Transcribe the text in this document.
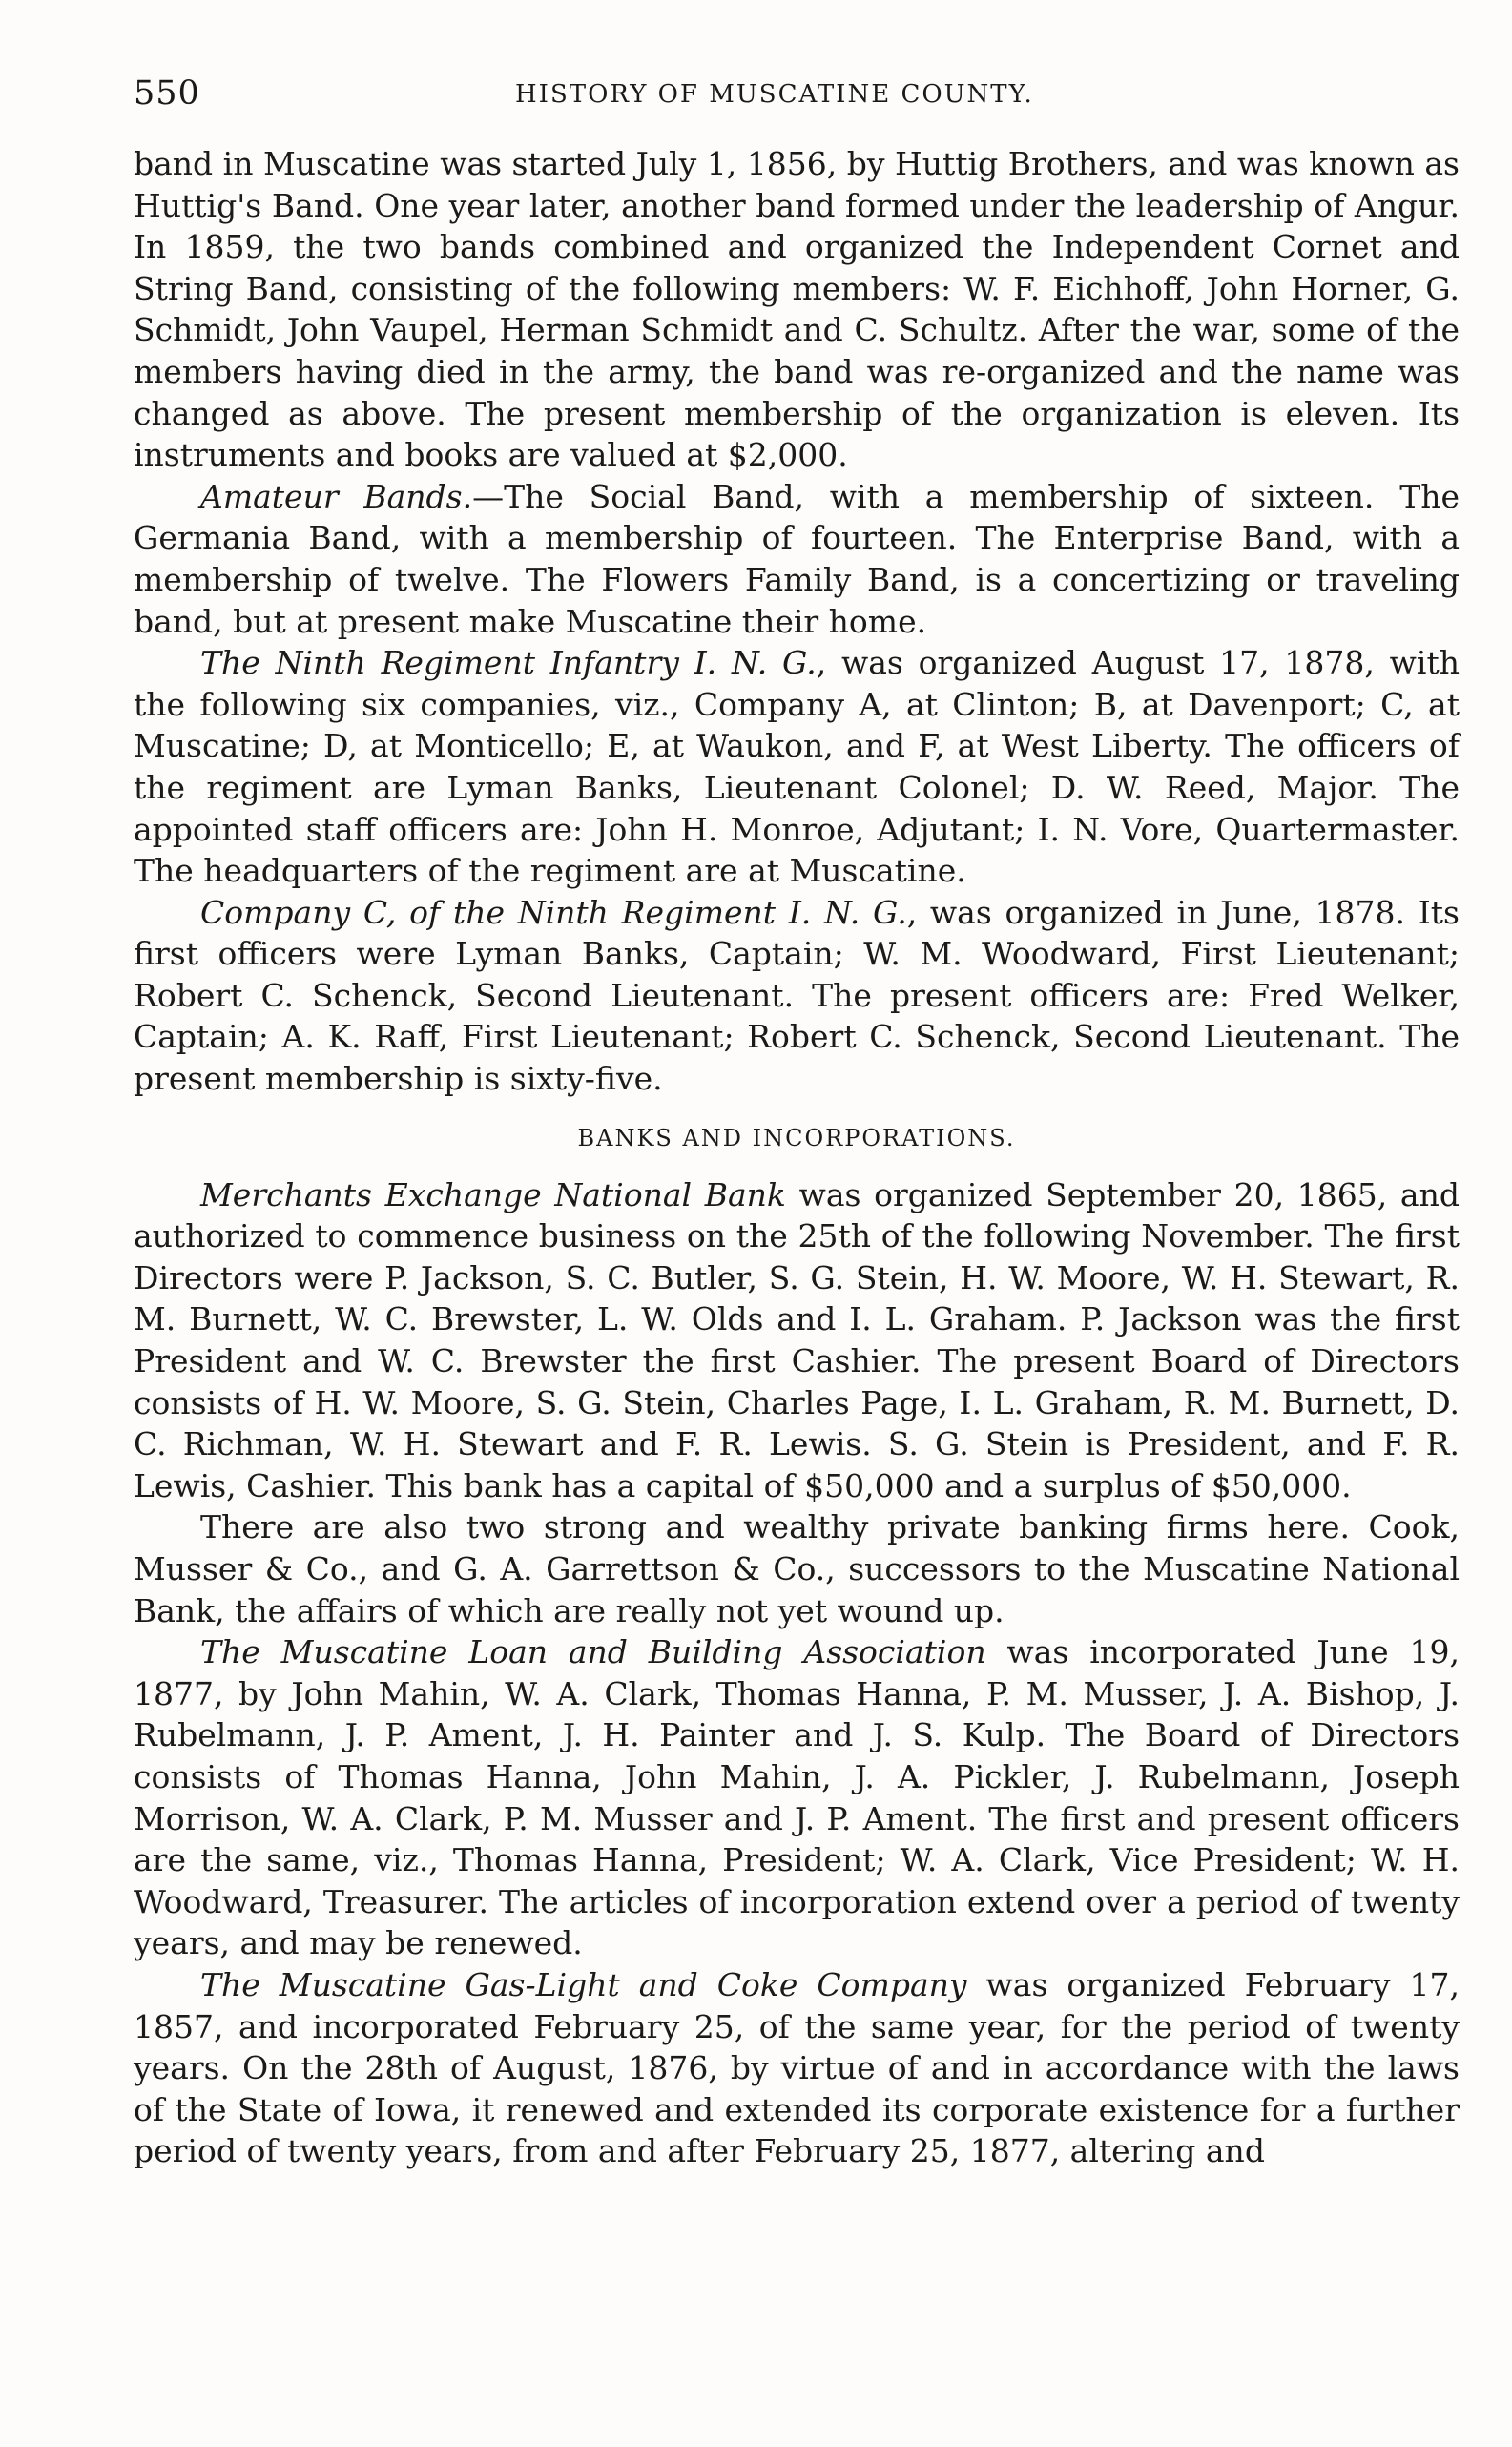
550	HISTORY OF MUSCATINE COUNTY.

band in Muscatine was started July 1, 1856, by Huttig Brothers, and was known as Huttig's Band. One year later, another band formed under the leadership of Angur. In 1859, the two bands combined and organized the Independent Cornet and String Band, consisting of the following members: W. F. Eichhoff, John Horner, G. Schmidt, John Vaupel, Herman Schmidt and C. Schultz. After the war, some of the members having died in the army, the band was re-organized and the name was changed as above. The present membership of the organization is eleven. Its instruments and books are valued at $2,000.

Amateur Bands.—The Social Band, with a membership of sixteen. The Germania Band, with a membership of fourteen. The Enterprise Band, with a membership of twelve. The Flowers Family Band, is a concertizing or traveling band, but at present make Muscatine their home.

The Ninth Regiment Infantry I. N. G., was organized August 17, 1878, with the following six companies, viz., Company A, at Clinton; B, at Davenport; C, at Muscatine; D, at Monticello; E, at Waukon, and F, at West Liberty. The officers of the regiment are Lyman Banks, Lieutenant Colonel; D. W. Reed, Major. The appointed staff officers are: John H. Monroe, Adjutant; I. N. Vore, Quartermaster. The headquarters of the regiment are at Muscatine.

Company C, of the Ninth Regiment I. N. G., was organized in June, 1878. Its first officers were Lyman Banks, Captain; W. M. Woodward, First Lieutenant; Robert C. Schenck, Second Lieutenant. The present officers are: Fred Welker, Captain; A. K. Raff, First Lieutenant; Robert C. Schenck, Second Lieutenant. The present membership is sixty-five.

BANKS AND INCORPORATIONS.

Merchants Exchange National Bank was organized September 20, 1865, and authorized to commence business on the 25th of the following November. The first Directors were P. Jackson, S. C. Butler, S. G. Stein, H. W. Moore, W. H. Stewart, R. M. Burnett, W. C. Brewster, L. W. Olds and I. L. Graham. P. Jackson was the first President and W. C. Brewster the first Cashier. The present Board of Directors consists of H. W. Moore, S. G. Stein, Charles Page, I. L. Graham, R. M. Burnett, D. C. Richman, W. H. Stewart and F. R. Lewis. S. G. Stein is President, and F. R. Lewis, Cashier. This bank has a capital of $50,000 and a surplus of $50,000.

There are also two strong and wealthy private banking firms here. Cook, Musser & Co., and G. A. Garrettson & Co., successors to the Muscatine National Bank, the affairs of which are really not yet wound up.

The Muscatine Loan and Building Association was incorporated June 19, 1877, by John Mahin, W. A. Clark, Thomas Hanna, P. M. Musser, J. A. Bishop, J. Rubelmann, J. P. Ament, J. H. Painter and J. S. Kulp. The Board of Directors consists of Thomas Hanna, John Mahin, J. A. Pickler, J. Rubelmann, Joseph Morrison, W. A. Clark, P. M. Musser and J. P. Ament. The first and present officers are the same, viz., Thomas Hanna, President; W. A. Clark, Vice President; W. H. Woodward, Treasurer. The articles of incorporation extend over a period of twenty years, and may be renewed.

The Muscatine Gas-Light and Coke Company was organized February 17, 1857, and incorporated February 25, of the same year, for the period of twenty years. On the 28th of August, 1876, by virtue of and in accordance with the laws of the State of Iowa, it renewed and extended its corporate existence for a further period of twenty years, from and after February 25, 1877, altering and
